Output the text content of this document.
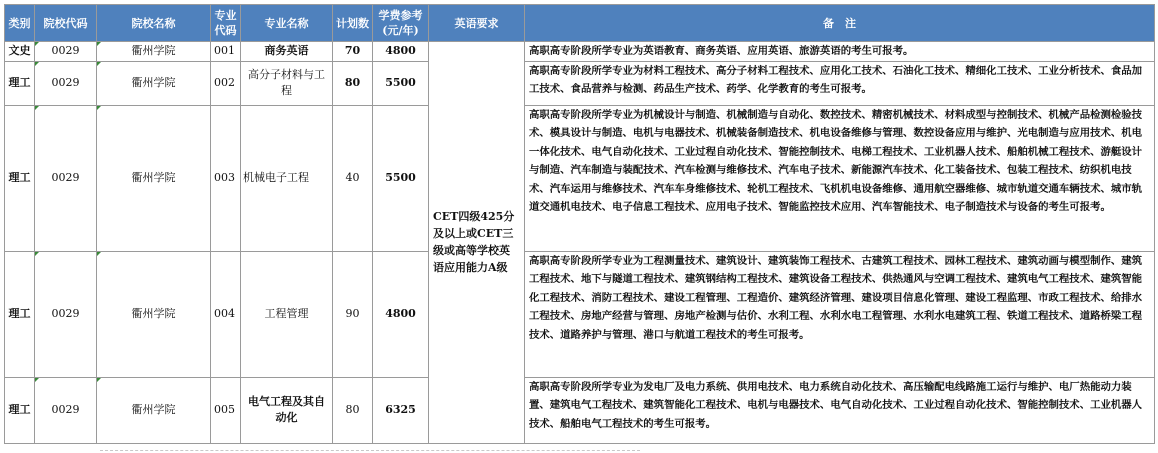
类别	院校代码	院校名称	专业代码	专业名称	计划数	学费参考(元/年)	英语要求	备　注
文史	0029	衢州学院	001	商务英语	70	4800	CET四级425分及以上或CET三级或高等学校英语应用能力A级	高职高专阶段所学专业为英语教育、商务英语、应用英语、旅游英语的考生可报考。
理工	0029	衢州学院	002	高分子材料与工程	80	5500		高职高专阶段所学专业为材料工程技术、高分子材料工程技术、应用化工技术、石油化工技术、精细化工技术、工业分析技术、食品加工技术、食品营养与检测、药品生产技术、药学、化学教育的考生可报考。
理工	0029	衢州学院	003	机械电子工程	40	5500		高职高专阶段所学专业为机械设计与制造、机械制造与自动化、数控技术、精密机械技术、材料成型与控制技术、机械产品检测检验技术、模具设计与制造、电机与电器技术、机械装备制造技术、机电设备维修与管理、数控设备应用与维护、光电制造与应用技术、机电一体化技术、电气自动化技术、工业过程自动化技术、智能控制技术、电梯工程技术、工业机器人技术、船舶机械工程技术、游艇设计与制造、汽车制造与装配技术、汽车检测与维修技术、汽车电子技术、新能源汽车技术、化工装备技术、包装工程技术、纺织机电技术、汽车运用与维修技术、汽车车身维修技术、轮机工程技术、飞机机电设备维修、通用航空器维修、城市轨道交通车辆技术、城市轨道交通机电技术、电子信息工程技术、应用电子技术、智能监控技术应用、汽车智能技术、电子制造技术与设备的考生可报考。
理工	0029	衢州学院	004	工程管理	90	4800		高职高专阶段所学专业为工程测量技术、建筑设计、建筑装饰工程技术、古建筑工程技术、园林工程技术、建筑动画与模型制作、建筑工程技术、地下与隧道工程技术、建筑钢结构工程技术、建筑设备工程技术、供热通风与空调工程技术、建筑电气工程技术、建筑智能化工程技术、消防工程技术、建设工程管理、工程造价、建筑经济管理、建设项目信息化管理、建设工程监理、市政工程技术、给排水工程技术、房地产经营与管理、房地产检测与估价、水利工程、水利水电工程管理、水利水电建筑工程、铁道工程技术、道路桥梁工程技术、道路养护与管理、港口与航道工程技术的考生可报考。
理工	0029	衢州学院	005	电气工程及其自动化	80	6325		高职高专阶段所学专业为发电厂及电力系统、供用电技术、电力系统自动化技术、高压输配电线路施工运行与维护、电厂热能动力装置、建筑电气工程技术、建筑智能化工程技术、电机与电器技术、电气自动化技术、工业过程自动化技术、智能控制技术、工业机器人技术、船舶电气工程技术的考生可报考。
